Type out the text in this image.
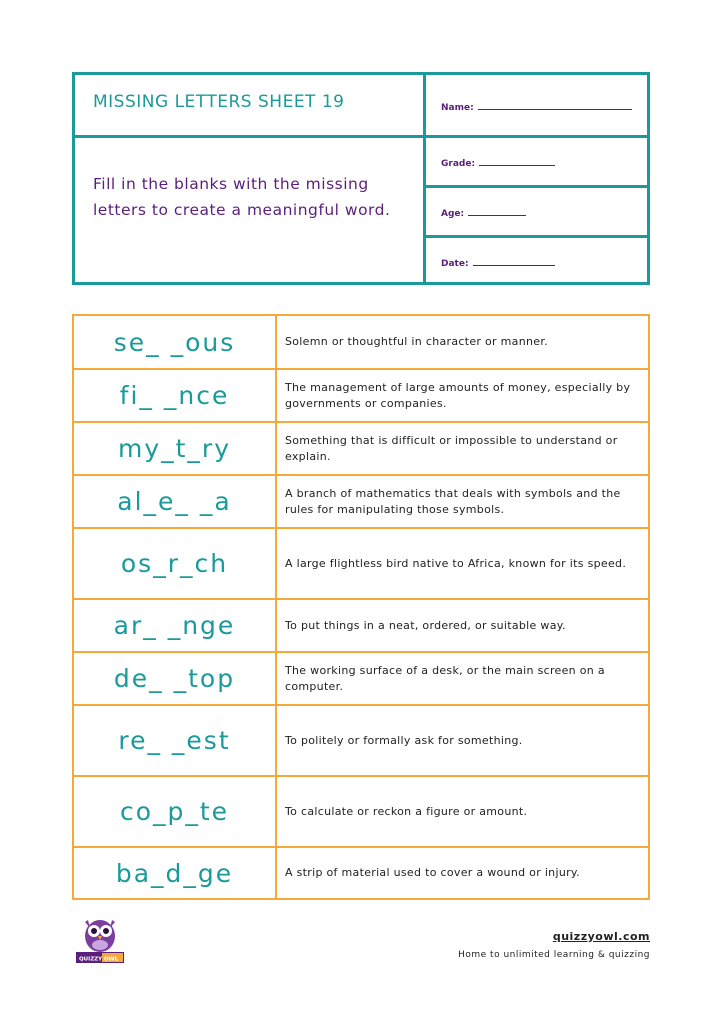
MISSING LETTERS SHEET 19
Fill in the blanks with the missing letters to create a meaningful word.
Name:
Grade:
Age:
Date:
se_ _ous	Solemn or thoughtful in character or manner.
fi_ _nce	The management of large amounts of money, especially by governments or companies.
my_t_ry	Something that is difficult or impossible to understand or explain.
al_e_ _a	A branch of mathematics that deals with symbols and the rules for manipulating those symbols.
os_r_ch	A large flightless bird native to Africa, known for its speed.
ar_ _nge	To put things in a neat, ordered, or suitable way.
de_ _top	The working surface of a desk, or the main screen on a computer.
re_ _est	To politely or formally ask for something.
co_p_te	To calculate or reckon a figure or amount.
ba_d_ge	A strip of material used to cover a wound or injury.
QUIZZY OWL
quizzyowl.com
Home to unlimited learning & quizzing
